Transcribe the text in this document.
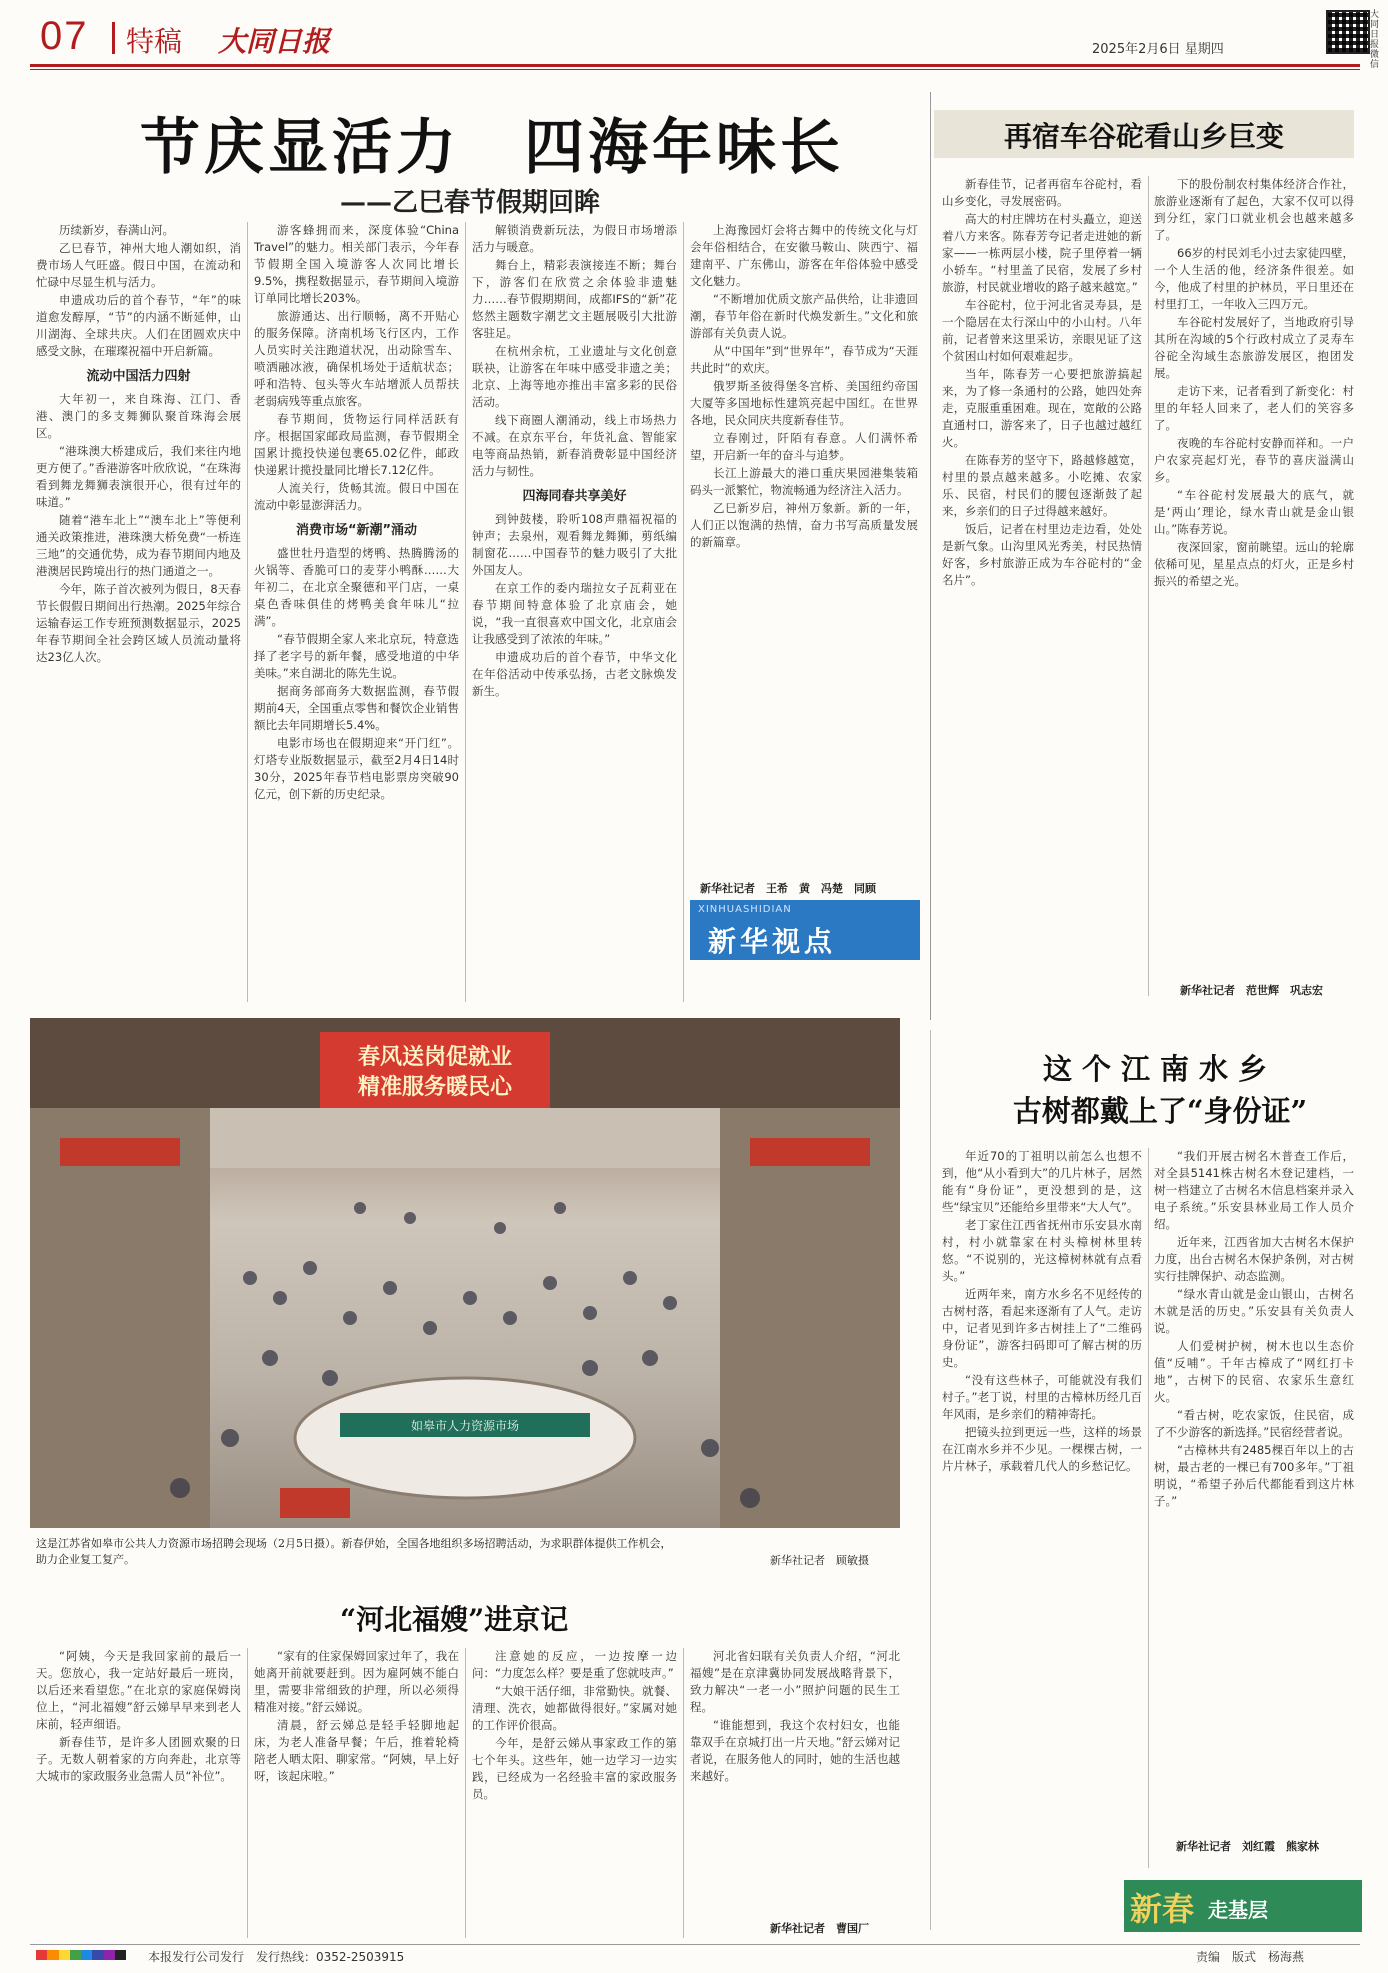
07 特稿 大同日报	2025年2月6日 星期四
大同日报微信
节庆显活力　四海年味长
——乙巳春节假期回眸

历续新岁，春满山河。

乙巳春节，神州大地人潮如织，消费市场人气旺盛。假日中国，在流动和忙碌中尽显生机与活力。

申遗成功后的首个春节，“年”的味道愈发醇厚，“节”的内涵不断延伸，山川湖海、全球共庆。人们在团圆欢庆中感受文脉，在璀璨祝福中开启新篇。

流动中国活力四射

大年初一，来自珠海、江门、香港、澳门的多支舞狮队聚首珠海会展区。

“港珠澳大桥建成后，我们来往内地更方便了。”香港游客叶欣欣说，“在珠海看到舞龙舞狮表演很开心，很有过年的味道。”

随着“港车北上”“澳车北上”等便利通关政策推进，港珠澳大桥免费“一桥连三地”的交通优势，成为春节期间内地及港澳居民跨境出行的热门通道之一。

今年，陈子首次被列为假日，8天春节长假假日期间出行热潮。2025年综合运输春运工作专班预测数据显示，2025年春节期间全社会跨区域人员流动量将达23亿人次。

游客蜂拥而来，深度体验“China Travel”的魅力。相关部门表示，今年春节假期全国入境游客人次同比增长9.5%，携程数据显示，春节期间入境游订单同比增长203%。

旅游通达、出行顺畅，离不开贴心的服务保障。济南机场飞行区内，工作人员实时关注跑道状况，出动除雪车、喷洒融冰液，确保机场处于适航状态；呼和浩特、包头等火车站增派人员帮扶老弱病残等重点旅客。

春节期间，货物运行同样活跃有序。根据国家邮政局监测，春节假期全国累计揽投快递包裹65.02亿件，邮政快递累计揽投量同比增长7.12亿件。

人流关行，货畅其流。假日中国在流动中彰显澎湃活力。

消费市场“新潮”涌动

盛世牡丹造型的烤鸭、热腾腾汤的火锅等、香脆可口的麦芽小鸭酥……大年初二，在北京全聚德和平门店，一桌桌色香味俱佳的烤鸭美食年味儿“拉满”。

“春节假期全家人来北京玩，特意选择了老字号的新年餐，感受地道的中华美味。”来自湖北的陈先生说。

据商务部商务大数据监测，春节假期前4天，全国重点零售和餐饮企业销售额比去年同期增长5.4%。

电影市场也在假期迎来“开门红”。灯塔专业版数据显示，截至2月4日14时30分，2025年春节档电影票房突破90亿元，创下新的历史纪录。

解锁消费新玩法，为假日市场增添活力与暖意。

舞台上，精彩表演接连不断；舞台下，游客们在欣赏之余体验非遗魅力……春节假期期间，成都IFS的“新”花悠然主题数字潮艺文主题展吸引大批游客驻足。

在杭州余杭，工业遗址与文化创意联袂，让游客在年味中感受非遗之美；北京、上海等地亦推出丰富多彩的民俗活动。

线下商圈人潮涌动，线上市场热力不减。在京东平台，年货礼盒、智能家电等商品热销，新春消费彰显中国经济活力与韧性。

四海同春共享美好

到钟鼓楼，聆听108声鼎福祝福的钟声；去泉州，观看舞龙舞狮，剪纸编制窗花……中国春节的魅力吸引了大批外国友人。

在京工作的委内瑞拉女子瓦莉亚在春节期间特意体验了北京庙会，她说，“我一直很喜欢中国文化，北京庙会让我感受到了浓浓的年味。”

申遗成功后的首个春节，中华文化在年俗活动中传承弘扬，古老文脉焕发新生。

上海豫园灯会将古舞中的传统文化与灯会年俗相结合，在安徽马鞍山、陕西宁、福建南平、广东佛山，游客在年俗体验中感受文化魅力。

“不断增加优质文旅产品供给，让非遗回潮，春节年俗在新时代焕发新生。”文化和旅游部有关负责人说。

从“中国年”到“世界年”，春节成为“天涯共此时”的欢庆。

俄罗斯圣彼得堡冬宫桥、美国纽约帝国大厦等多国地标性建筑亮起中国红。在世界各地，民众同庆共度新春佳节。

立春刚过，阡陌有春意。人们满怀希望，开启新一年的奋斗与追梦。

长江上游最大的港口重庆果园港集装箱码头一派繁忙，物流畅通为经济注入活力。

乙巳新岁启，神州万象新。新的一年，人们正以饱满的热情，奋力书写高质量发展的新篇章。

新华社记者　王希　黄　冯楚　同顾
XINHUASHIDIAN
新华视点
再宿车谷砣看山乡巨变

新春佳节，记者再宿车谷砣村，看山乡变化，寻发展密码。

高大的村庄牌坊在村头矗立，迎送着八方来客。陈春芳夸记者走进她的新家——一栋两层小楼，院子里停着一辆小轿车。“村里盖了民宿，发展了乡村旅游，村民就业增收的路子越来越宽。”

车谷砣村，位于河北省灵寿县，是一个隐居在太行深山中的小山村。八年前，记者曾来这里采访，亲眼见证了这个贫困山村如何艰难起步。

当年，陈春芳一心要把旅游搞起来，为了修一条通村的公路，她四处奔走，克服重重困难。现在，宽敞的公路直通村口，游客来了，日子也越过越红火。

在陈春芳的坚守下，路越修越宽，村里的景点越来越多。小吃摊、农家乐、民宿，村民们的腰包逐渐鼓了起来，乡亲们的日子过得越来越好。

饭后，记者在村里边走边看，处处是新气象。山沟里风光秀美，村民热情好客，乡村旅游正成为车谷砣村的“金名片”。

下的股份制农村集体经济合作社，旅游业逐渐有了起色，大家不仅可以得到分红，家门口就业机会也越来越多了。

66岁的村民刘毛小过去家徒四壁，一个人生活的他，经济条件很差。如今，他成了村里的护林员，平日里还在村里打工，一年收入三四万元。

车谷砣村发展好了，当地政府引导其所在沟域的5个行政村成立了灵寿车谷砣全沟域生态旅游发展区，抱团发展。

走访下来，记者看到了新变化：村里的年轻人回来了，老人们的笑容多了。

夜晚的车谷砣村安静而祥和。一户户农家亮起灯光，春节的喜庆溢满山乡。

“车谷砣村发展最大的底气，就是‘两山’理论，绿水青山就是金山银山。”陈春芳说。

夜深回家，窗前眺望。远山的轮廓依稀可见，星星点点的灯火，正是乡村振兴的希望之光。

新华社记者　范世辉　巩志宏
春风送岗促就业
精准服务暖民心
如皋市人力资源市场
这是江苏省如皋市公共人力资源市场招聘会现场（2月5日摄）。新春伊始，全国各地组织多场招聘活动，为求职群体提供工作机会，助力企业复工复产。	新华社记者　顾敏摄
“河北福嫂”进京记

“阿姨，今天是我回家前的最后一天。您放心，我一定站好最后一班岗，以后还来看望您。”在北京的家庭保姆岗位上，“河北福嫂”舒云娣早早来到老人床前，轻声细语。

新春佳节，是许多人团圆欢聚的日子。无数人朝着家的方向奔赴，北京等大城市的家政服务业急需人员“补位”。

“家有的住家保姆回家过年了，我在她离开前就要赶到。因为雇阿姨不能白里，需要非常细致的护理，所以必须得精准对接。”舒云娣说。

清晨，舒云娣总是轻手轻脚地起床，为老人准备早餐；午后，推着轮椅陪老人晒太阳、聊家常。“阿姨，早上好呀，该起床啦。”

注意她的反应，一边按摩一边问：“力度怎么样？要是重了您就吱声。”

“大娘干活仔细，非常勤快。就餐、清理、洗衣，她都做得很好。”家属对她的工作评价很高。

今年，是舒云娣从事家政工作的第七个年头。这些年，她一边学习一边实践，已经成为一名经验丰富的家政服务员。

河北省妇联有关负责人介绍，“河北福嫂”是在京津冀协同发展战略背景下，致力解决“一老一小”照护问题的民生工程。

“谁能想到，我这个农村妇女，也能靠双手在京城打出一片天地。”舒云娣对记者说，在服务他人的同时，她的生活也越来越好。

新华社记者　曹国厂
这个江南水乡
古树都戴上了“身份证”

年近70的丁祖明以前怎么也想不到，他“从小看到大”的几片林子，居然能有“身份证”，更没想到的是，这些“绿宝贝”还能给乡里带来“大人气”。

老丁家住江西省抚州市乐安县水南村，村小就靠家在村头樟树林里转悠。“不说别的，光这樟树林就有点看头。”

近两年来，南方水乡名不见经传的古树村落，看起来逐渐有了人气。走访中，记者见到许多古树挂上了“二维码身份证”，游客扫码即可了解古树的历史。

“没有这些林子，可能就没有我们村子。”老丁说，村里的古樟林历经几百年风雨，是乡亲们的精神寄托。

把镜头拉到更远一些，这样的场景在江南水乡并不少见。一棵棵古树，一片片林子，承载着几代人的乡愁记忆。

“我们开展古树名木普查工作后，对全县5141株古树名木登记建档，一树一档建立了古树名木信息档案并录入电子系统。”乐安县林业局工作人员介绍。

近年来，江西省加大古树名木保护力度，出台古树名木保护条例，对古树实行挂牌保护、动态监测。

“绿水青山就是金山银山，古树名木就是活的历史。”乐安县有关负责人说。

人们爱树护树，树木也以生态价值“反哺”。千年古樟成了“网红打卡地”，古树下的民宿、农家乐生意红火。

“看古树，吃农家饭，住民宿，成了不少游客的新选择。”民宿经营者说。

“古樟林共有2485棵百年以上的古树，最古老的一棵已有700多年。”丁祖明说，“希望子孙后代都能看到这片林子。”

新华社记者　刘红霞　熊家林
新春 走基层
本报发行公司发行　发行热线：0352-2503915	责编　版式　杨海燕
